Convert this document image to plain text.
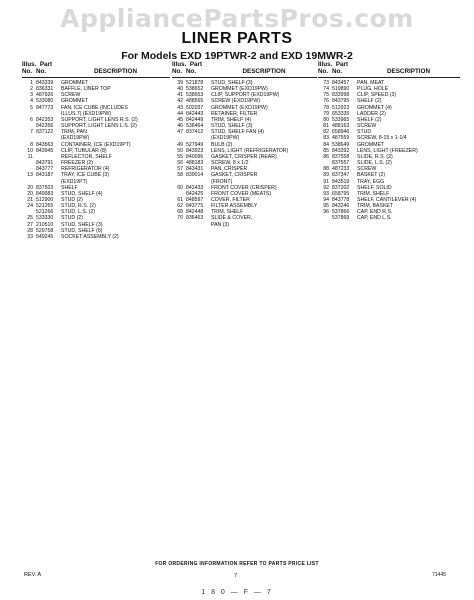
AppliancePartsPros.com
LINER PARTS
For Models EXD 19PTWR-2 and EXD 19MWR-2
Illus. Part
No. No.	DESCRIPTION
1 843339	GROMMET
2 836331	BAFFLE, LINER TOP
3 487926	SCREW
4 533080	GROMMET
5 847773	FAN, ICE CUBE (INCLUDES
ILLUS.7) (EXD19PW)
6 842353	SUPPORT, LIGHT LENS R.S. (2)
842356	SUPPORT, LIGHT LENS L.S. (2)
7 837122	TRIM, PAN
(EXD19PW)
8 843563	CONTAINER, ICE (EXD19PT)
10 843945	CLIP, TUBULAR (8)
11	REFLECTOR, SHELF
843791	FREEZER (2)
843777	REFRIGERATOR (4)
13 843187	TRAY, ICE CUBE (3)
(EXD19PT)
20 837503	SHELF
20 849983	STUD, SHELF (4)
21 512900	STUD (2)
24 521265	STUD, R.S. (2)
521266	STUD, L.S. (2)
25 533330	STUD (2)
27 210510	STUD, SHELF (3)
28 529758	STUD, SHELF (6)
33 549245	SOCKET ASSEMBLY (2)
Illus. Part
No. No.	DESCRIPTION
39 521878	STUD, SHELF (3)
40 538652	GROMMET (EXD19PW)
41 538653	CLIP, SUPPORT (EXD19PW)
42 488565	SCREW (EXD19PW)
43 502037	GROMMET (EXD19PW)
44 842443	RETAINER, FILTER
45 842449	TRIM, SHELF (4)
46 536464	STUD, SHELF (3)
47 837412	STUD, SHELF FAN (4)
(EXD19PW)
49 527949	BULB (2)
50 843923	LENS, LIGHT (REFRIGERATOR)
55 840096	GASKET, CRISPER (REAR)
56 488183	SCREW, 8 x 1/2
57 843431	PAN, CRISPER
58 839014	GASKET, CRISPER
(FRONT)
60 842433	FRONT COVER (CRISPER)
842425	FRONT COVER (MEATS)
61 848597	COVER, FILTER
62 843775	FILTER ASSEMBLY
68 842448	TRIM, SHELF
70 836463	SLIDE & COVER,
PAN (3)
Illus. Part
No. No.	DESCRIPTION
73 843457	PAN, MEAT
74 519890	PLUG, HOLE
75 833998	CLIP, SPEED (3)
76 843795	SHELF (2)
78 512923	GROMMET (4)
79 653335	LADDER (2)
80 533965	SHELF (2)
81 488163	SCREW
82 658946	STUD
83 487559	SCREW, 8-15 x 1-1/4
84 538649	GROMMET
85 843392	LENS, LIGHT (FREEZER)
86 837558	SLIDE, R.S. (2)
837557	SLIDE, L.S. (2)
88 487233	SCREW
89 837347	BASKET (2)
91 843519	TRAY, EGG
92 837202	SHELF, SOLID
93 658795	TRIM, SHELF
94 843778	SHELF, CANTILEVER (4)
95 843246	TRIM, BASKET
96 537866	CAP, END R.S.
537869	CAP, END L.S.
FOR ORDERING INFORMATION REFER TO PARTS PRICE LIST
REV. A	7	71445
1 8 0 — F — 7
